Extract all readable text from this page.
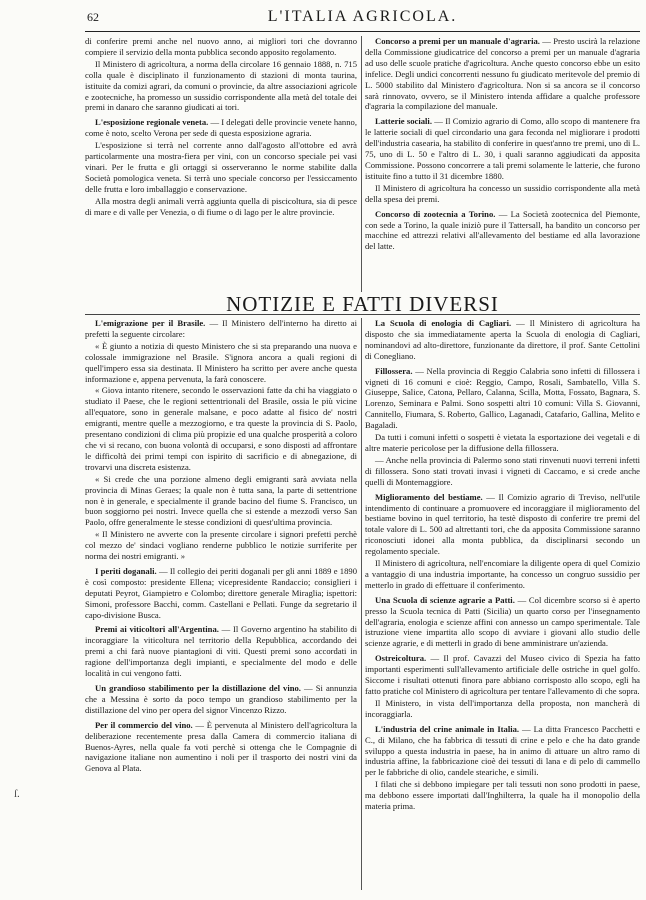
62	L'ITALIA AGRICOLA.

di conferire premi anche nel nuovo anno, ai migliori tori che dovranno compiere il servizio della monta pubblica secondo apposito regolamento.

Il Ministero di agricoltura, a norma della circolare 16 gennaio 1888, n. 715 colla quale è disciplinato il funzionamento di stazioni di monta taurina, istituite da comizi agrari, da comuni o provincie, da altre associazioni agricole e zootecniche, ha promesso un sussidio corrispondente alla metà del totale dei premi in danaro che saranno giudicati ai tori.

L'esposizione regionale veneta. — I delegati delle provincie venete hanno, come è noto, scelto Verona per sede di questa esposizione agraria.

L'esposizione si terrà nel corrente anno dall'agosto all'ottobre ed avrà particolarmente una mostra-fiera per vini, con un concorso speciale pei vasi vinari. Per le frutta e gli ortaggi si osserveranno le norme stabilite dalla Società pomologica veneta. Si terrà uno speciale concorso per l'essiccamento delle frutta e loro imballaggio e conservazione.

Alla mostra degli animali verrà aggiunta quella di piscicoltura, sia di pesce di mare e di valle per Venezia, o di fiume o di lago per le altre provincie.

Concorso a premi per un manuale d'agraria. — Presto uscirà la relazione della Commissione giudicatrice del concorso a premi per un manuale d'agraria ad uso delle scuole pratiche d'agricoltura. Anche questo concorso ebbe un esito infelice. Degli undici concorrenti nessuno fu giudicato meritevole del premio di L. 5000 stabilito dal Ministero d'agricoltura. Non si sa ancora se il concorso sarà rinnovato, ovvero, se il Ministero intenda affidare a qualche professore d'agraria la compilazione del manuale.

Latterie sociali. — Il Comizio agrario di Como, allo scopo di mantenere fra le latterie sociali di quel circondario una gara feconda nel migliorare i prodotti dell'industria casearia, ha stabilito di conferire in quest'anno tre premi, uno di L. 75, uno di L. 50 e l'altro di L. 30, i quali saranno aggiudicati da apposita Commissione. Possono concorrere a tali premi solamente le latterie, che furono istituite fino a tutto il 31 dicembre 1880.

Il Ministero di agricoltura ha concesso un sussidio corrispondente alla metà della spesa dei premi.

Concorso di zootecnia a Torino. — La Società zootecnica del Piemonte, con sede a Torino, la quale iniziò pure il Tattersall, ha bandito un concorso per macchine ed attrezzi relativi all'allevamento del bestiame ed alla lavorazione del latte.

NOTIZIE E FATTI DIVERSI

L'emigrazione per il Brasile. — Il Ministero dell'interno ha diretto ai prefetti la seguente circolare:

« È giunto a notizia di questo Ministero che si sta preparando una nuova e colossale immigrazione nel Brasile. S'ignora ancora a quali regioni di quell'impero essa sia destinata. Il Ministero ha scritto per avere anche questa informazione e, appena pervenuta, la farà conoscere.

« Giova intanto ritenere, secondo le osservazioni fatte da chi ha viaggiato o studiato il Paese, che le regioni settentrionali del Brasile, ossia le più vicine all'equatore, sono in generale malsane, e poco adatte al fisico de' nostri emigranti, mentre quelle a mezzogiorno, e tra queste la provincia di S. Paolo, presentano condizioni di clima più propizie ed una qualche prosperità a coloro che vi si recano, con buona volontà di occuparsi, e sono disposti ad affrontare le difficoltà dei primi tempi con ispirito di sacrificio e di abnegazione, di trovarvi una discreta esistenza.

« Si crede che una porzione almeno degli emigranti sarà avviata nella provincia di Minas Geraes; la quale non è tutta sana, la parte di settentrione non è in generale, e specialmente il grande bacino del fiume S. Francisco, un buon soggiorno pei nostri. Invece quella che si estende a mezzodì verso San Paolo, offre generalmente le stesse condizioni di quest'ultima provincia.

« Il Ministero ne avverte con la presente circolare i signori prefetti perchè col mezzo de' sindaci vogliano renderne pubblico le notizie surriferite per norma dei nostri emigranti. »

I periti doganali. — Il collegio dei periti doganali per gli anni 1889 e 1890 è così composto: presidente Ellena; vicepresidente Randaccio; consiglieri i deputati Peyrot, Giampietro e Colombo; direttore generale Miraglia; ispettori: Simoni, professore Bacchi, comm. Castellani e Pellati. Funge da segretario il capo-divisione Busca.

Premi ai viticoltori all'Argentina. — Il Governo argentino ha stabilito di incoraggiare la viticoltura nel territorio della Repubblica, accordando dei premi a chi farà nuove piantagioni di viti. Questi premi sono accordati in ragione dell'importanza degli impianti, e specialmente del modo e delle località in cui vengono fatti.

Un grandioso stabilimento per la distillazione del vino. — Si annunzia che a Messina è sorto da poco tempo un grandioso stabilimento per la distillazione del vino per opera del signor Vincenzo Rizzo.

Per il commercio del vino. — È pervenuta al Ministero dell'agricoltura la deliberazione recentemente presa dalla Camera di commercio italiana di Buenos-Ayres, nella quale fa voti perchè si ottenga che le Compagnie di navigazione italiane non aumentino i noli per il trasporto dei nostri vini da Genova al Plata.

La Scuola di enologia di Cagliari. — Il Ministero di agricoltura ha disposto che sia immediatamente aperta la Scuola di enologia di Cagliari, nominandovi ad alto-direttore, funzionante da direttore, il prof. Sante Cettolini di Conegliano.

Fillossera. — Nella provincia di Reggio Calabria sono infetti di fillossera i vigneti di 16 comuni e cioè: Reggio, Campo, Rosali, Sambatello, Villa S. Giuseppe, Salice, Catona, Pellaro, Calanna, Scilla, Motta, Fossato, Bagnara, S. Lorenzo, Seminara e Palmi. Sono sospetti altri 10 comuni: Villa S. Giovanni, Cannitello, Fiumara, S. Roberto, Gallico, Laganadi, Catafario, Gallina, Melito e Bagaladi.

Da tutti i comuni infetti o sospetti è vietata la esportazione dei vegetali e di altre materie pericolose per la diffusione della fillossera.

— Anche nella provincia di Palermo sono stati rinvenuti nuovi terreni infetti di fillossera. Sono stati trovati invasi i vigneti di Caccamo, e si crede anche quelli di Montemaggiore.

Miglioramento del bestiame. — Il Comizio agrario di Treviso, nell'utile intendimento di continuare a promuovere ed incoraggiare il miglioramento del bestiame bovino in quel territorio, ha testè disposto di conferire tre premi del totale valore di L. 500 ad altrettanti tori, che da apposita Commissione saranno riconosciuti idonei alla monta pubblica, da disciplinarsi secondo un regolamento speciale.

Il Ministero di agricoltura, nell'encomiare la diligente opera di quel Comizio a vantaggio di una industria importante, ha concesso un congruo sussidio per metterlo in grado di effettuare il conferimento.

Una Scuola di scienze agrarie a Patti. — Col dicembre scorso si è aperto presso la Scuola tecnica di Patti (Sicilia) un quarto corso per l'insegnamento dell'agraria, enologia e scienze affini con annesso un campo sperimentale. Tale istruzione viene impartita allo scopo di avviare i giovani allo studio delle scienze agrarie, e di metterli in grado di bene amministrare un'azienda.

Ostreicoltura. — Il prof. Cavazzi del Museo civico di Spezia ha fatto importanti esperimenti sull'allevamento artificiale delle ostriche in quel golfo. Siccome i risultati ottenuti finora pare abbiano corrisposto allo scopo, egli ha fatto pratiche col Ministero di agricoltura per tentare l'allevamento di che sopra.

Il Ministero, in vista dell'importanza della proposta, non mancherà di incoraggiarla.

L'industria del crine animale in Italia. — La ditta Francesco Pacchetti e C., di Milano, che ha fabbrica di tessuti di crine e pelo e che ha dato grande sviluppo a questa industria in paese, ha in animo di attuare un altro ramo di industria affine, la fabbricazione cioè dei tessuti di lana e di pelo di cammello per le fabbriche di olio, candele steariche, e simili.

I filati che si debbono impiegare per tali tessuti non sono prodotti in paese, ma debbono essere importati dall'Inghilterra, la quale ha il monopolio della materia prima.

ſ.
